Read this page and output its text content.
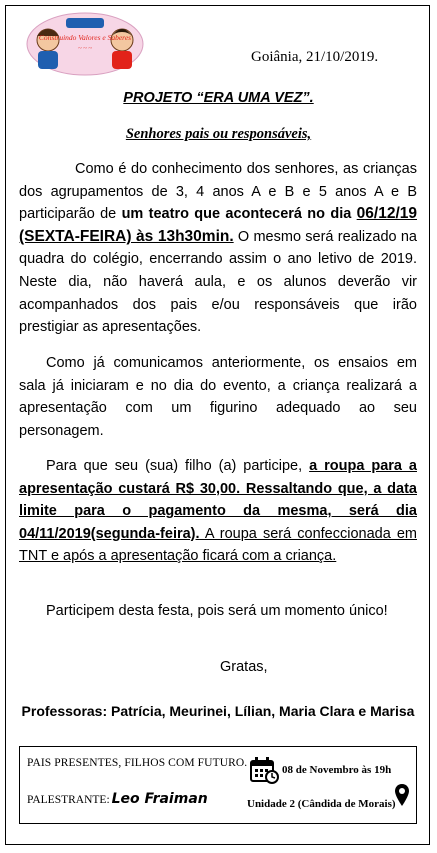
Construindo Valores e Saberes
~ ~ ~
Goiânia, 21/10/2019.
PROJETO “ERA UMA VEZ”.
Senhores pais ou responsáveis,

Como é do conhecimento dos senhores, as crianças dos agrupamentos de 3, 4 anos A e B e 5 anos A e B participarão de um teatro que acontecerá no dia 06/12/19 (SEXTA-FEIRA) às 13h30min. O mesmo será realizado na quadra do colégio, encerrando assim o ano letivo de 2019. Neste dia, não haverá aula, e os alunos deverão vir acompanhados dos pais e/ou responsáveis que irão prestigiar as apresentações.

Como já comunicamos anteriormente, os ensaios em sala já iniciaram e no dia do evento, a criança realizará a apresentação com um figurino adequado ao seu personagem.

Para que seu (sua) filho (a) participe, a roupa para a apresentação custará R$ 30,00. Ressaltando que, a data limite para o pagamento da mesma, será dia 04/11/2019(segunda-feira). A roupa será confeccionada em TNT e após a apresentação ficará com a criança.

Participem desta festa, pois será um momento único!

Gratas,
Professoras: Patrícia, Meurinei, Lílian, Maria Clara e Marisa
PAIS PRESENTES, FILHOS COM FUTURO.
PALESTRANTE: Leo Fraiman
08 de Novembro às 19h
Unidade 2 (Cândida de Morais)
